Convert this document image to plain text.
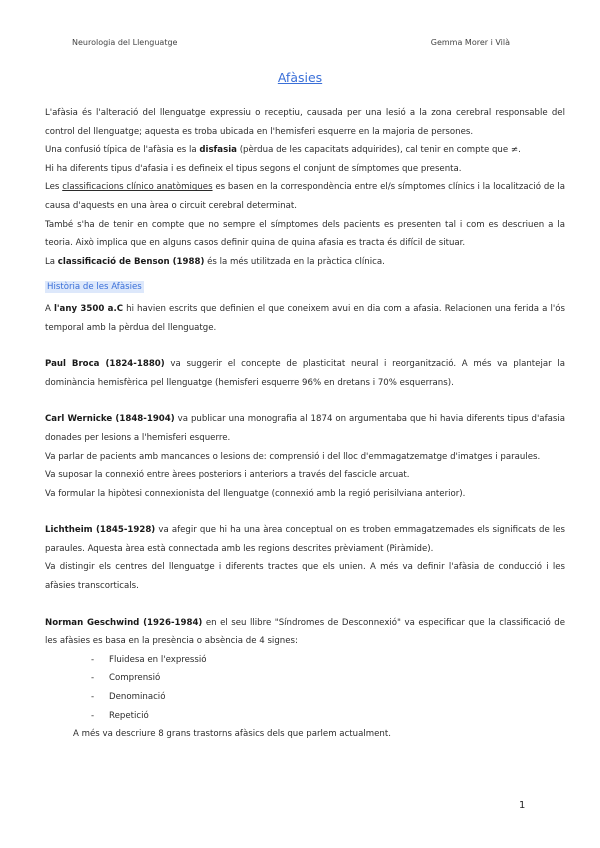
Neurologia del Llenguatge	Gemma Morer i Vilà
Afàsies

L'afàsia és l'alteració del llenguatge expressiu o receptiu, causada per una lesió a la zona cerebral responsable del control del llenguatge; aquesta es troba ubicada en l'hemisferi esquerre en la majoria de persones.

Una confusió típica de l'afàsia es la disfasia (pèrdua de les capacitats adquirides), cal tenir en compte que ≠.

Hi ha diferents tipus d'afasia i es defineix el tipus segons el conjunt de símptomes que presenta.

Les classificacions clínico anatòmiques es basen en la correspondència entre el/s símptomes clínics i la localització de la causa d'aquests en una àrea o circuit cerebral determinat.

També s'ha de tenir en compte que no sempre el símptomes dels pacients es presenten tal i com es descriuen a la teoria. Això implica que en alguns casos definir quina de quina afasia es tracta és difícil de situar.

La classificació de Benson (1988) és la més utilitzada en la pràctica clínica.

Història de les Afàsies

A l'any 3500 a.C hi havien escrits que definien el que coneixem avui en dia com a afasia. Relacionen una ferida a l'ós temporal amb la pèrdua del llenguatge.

Paul Broca (1824-1880) va suggerir el concepte de plasticitat neural i reorganització. A més va plantejar la dominància hemisfèrica pel llenguatge (hemisferi esquerre 96% en dretans i 70% esquerrans).

Carl Wernicke (1848-1904) va publicar una monografia al 1874 on argumentaba que hi havia diferents tipus d'afasia donades per lesions a l'hemisferi esquerre.

Va parlar de pacients amb mancances o lesions de: comprensió i del lloc d'emmagatzematge d'imatges i paraules.

Va suposar la connexió entre àrees posteriors i anteriors a través del fascicle arcuat.

Va formular la hipòtesi connexionista del llenguatge (connexió amb la regió perisilviana anterior).

Lichtheim (1845-1928) va afegir que hi ha una àrea conceptual on es troben emmagatzemades els significats de les paraules. Aquesta àrea està connectada amb les regions descrites prèviament (Piràmide).

Va distingir els centres del llenguatge i diferents tractes que els unien. A més va definir l'afàsia de conducció i les afàsies transcorticals.

Norman Geschwind (1926-1984) en el seu llibre "Síndromes de Desconnexió" va especificar que la classificació de les afàsies es basa en la presència o absència de 4 signes:

- Fluidesa en l'expressió
- Comprensió
- Denominació
- Repetició

A més va descriure 8 grans trastorns afàsics dels que parlem actualment.

1
